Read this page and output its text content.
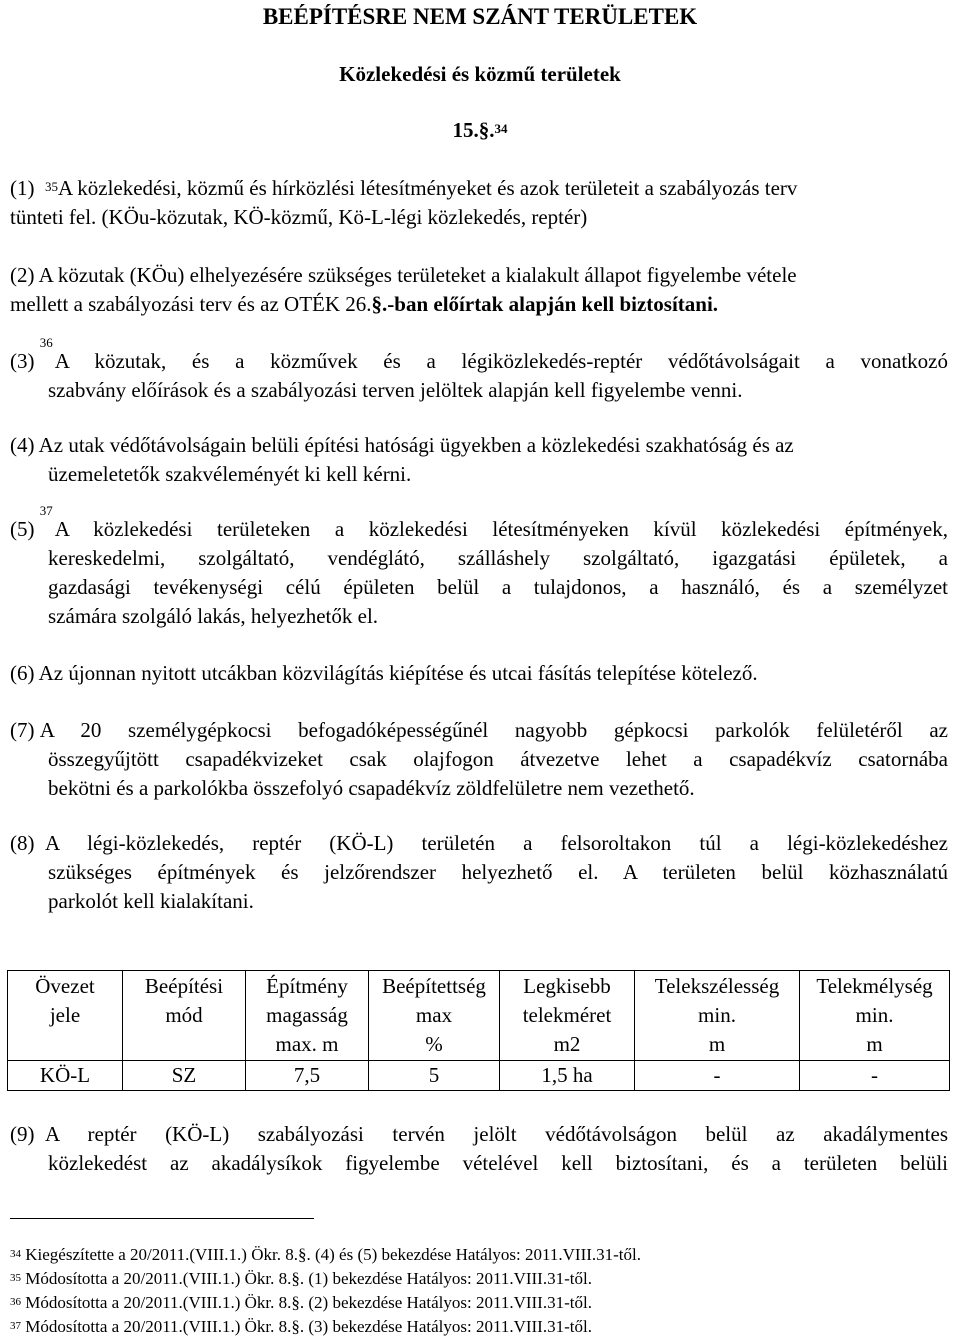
BEÉPÍTÉSRE NEM SZÁNT TERÜLETEK
Közlekedési és közmű területek
15.§.$^{34}$
(1) $^{35}$A közlekedési, közmű és hírközlési létesítményeket és azok területeit a szabályozás terv
tünteti fel. (KÖu-közutak, KÖ-közmű, Kö-L-légi közlekedés, reptér)
(2) A közutak (KÖu) elhelyezésére szükséges területeket a kialakult állapot figyelembe vétele
mellett a szabályozási terv és az OTÉK 26.§.-ban előírtak alapján kell biztosítani.
(3)

$^{36}$
A közutak, és a közművek és a légiközlekedés-reptér védőtávolságait a vonatkozó
szabvány előírások és a szabályozási terven jelöltek alapján kell figyelembe venni.
(4) Az utak védőtávolságain belüli építési hatósági ügyekben a közlekedési szakhatóság és az
üzemeletetők szakvéleményét ki kell kérni.
(5)

$^{37}$
A közlekedési területeken a közlekedési létesítményeken kívül közlekedési építmények,
kereskedelmi, szolgáltató, vendéglátó, szálláshely szolgáltató, igazgatási épületek, a
gazdasági tevékenységi célú épületen belül a tulajdonos, a használó, és a személyzet
számára szolgáló lakás, helyezhetők el.
(6) Az újonnan nyitott utcákban közvilágítás kiépítése és utcai fásítás telepítése kötelező.
(7)
A 20 személygépkocsi befogadóképességűnél nagyobb gépkocsi parkolók felületéről az
összegyűjtött csapadékvizeket csak olajfogon átvezetve lehet a csapadékvíz csatornába
bekötni és a parkolókba összefolyó csapadékvíz zöldfelületre nem vezethető.
(8)
A légi-közlekedés, reptér (KÖ-L) területén a felsoroltakon túl a légi-közlekedéshez
szükséges építmények és jelzőrendszer helyezhető el. A területen belül közhasználatú
parkolót kell kialakítani.
Övezet
jele	Beépítési
mód	Építmény
magasság
max. m	Beépítettség
max
%	Legkisebb
telekméret
m2	Telekszélesség
min.
m	Telekmélység
min.
m
KÖ-L	SZ	7,5	5	1,5 ha	-	-
(9)
A reptér (KÖ-L) szabályozási tervén jelölt védőtávolságon belül az akadálymentes
közlekedést az akadálysíkok figyelembe vételével kell biztosítani, és a területen belüli
$^{34}$ Kiegészítette a 20/2011.(VIII.1.) Ökr. 8.§. (4) és (5) bekezdése Hatályos: 2011.VIII.31-től.
$^{35}$ Módosította a 20/2011.(VIII.1.) Ökr. 8.§. (1) bekezdése Hatályos: 2011.VIII.31-től.
$^{36}$ Módosította a 20/2011.(VIII.1.) Ökr. 8.§. (2) bekezdése Hatályos: 2011.VIII.31-től.
$^{37}$ Módosította a 20/2011.(VIII.1.) Ökr. 8.§. (3) bekezdése Hatályos: 2011.VIII.31-től.
